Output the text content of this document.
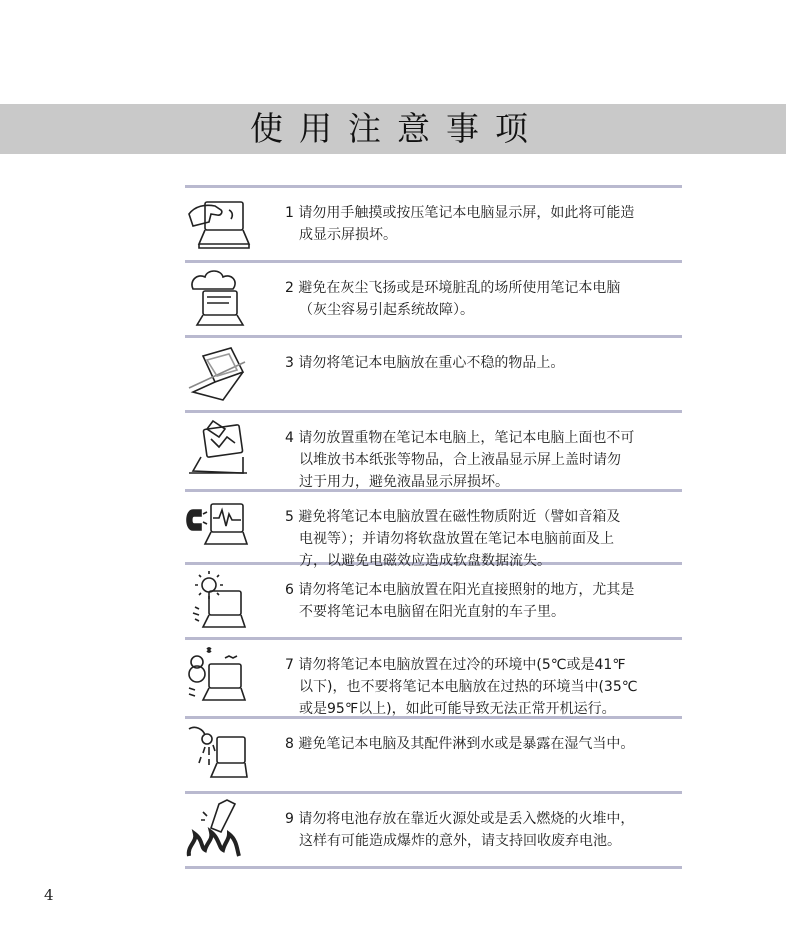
使用注意事项
1 请勿用手触摸或按压笔记本电脑显示屏，如此将可能造
成显示屏损坏。
2 避免在灰尘飞扬或是环境脏乱的场所使用笔记本电脑
（灰尘容易引起系统故障）。
3 请勿将笔记本电脑放在重心不稳的物品上。
4 请勿放置重物在笔记本电脑上，笔记本电脑上面也不可
以堆放书本纸张等物品，合上液晶显示屏上盖时请勿
过于用力，避免液晶显示屏损坏。
5 避免将笔记本电脑放置在磁性物质附近（譬如音箱及
电视等）；并请勿将软盘放置在笔记本电脑前面及上
方，以避免电磁效应造成软盘数据流失。
6 请勿将笔记本电脑放置在阳光直接照射的地方，尤其是
不要将笔记本电脑留在阳光直射的车子里。
7 请勿将笔记本电脑放置在过冷的环境中(5℃或是41℉
以下)，也不要将笔记本电脑放在过热的环境当中(35℃
或是95℉以上)，如此可能导致无法正常开机运行。
8 避免笔记本电脑及其配件淋到水或是暴露在湿气当中。
9 请勿将电池存放在靠近火源处或是丢入燃烧的火堆中，
这样有可能造成爆炸的意外，请支持回收废弃电池。
4
